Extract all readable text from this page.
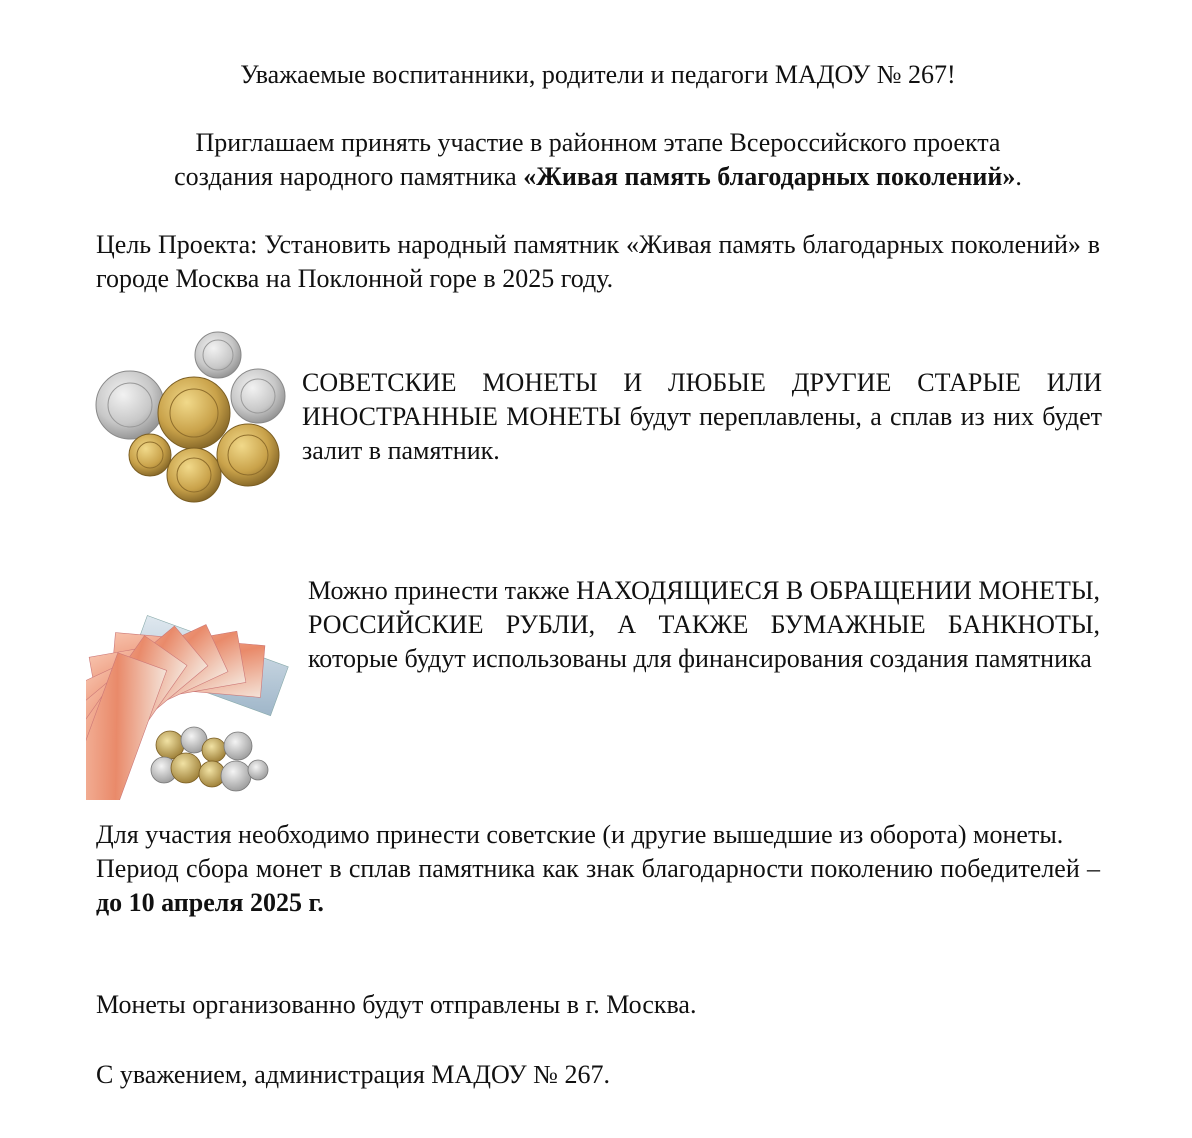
Уважаемые воспитанники, родители и педагоги МАДОУ № 267!

Приглашаем принять участие в районном этапе Всероссийского проекта
создания народного памятника «Живая память благодарных поколений».

Цель Проекта: Установить народный памятник «Живая память благодарных поколений» в городе Москва на Поклонной горе в 2025 году.

СОВЕТСКИЕ МОНЕТЫ И ЛЮБЫЕ ДРУГИЕ СТАРЫЕ ИЛИ ИНОСТРАННЫЕ МОНЕТЫ будут переплавлены, а сплав из них будет залит в памятник.

Можно принести также НАХОДЯЩИЕСЯ В ОБРАЩЕНИИ МОНЕТЫ, РОССИЙСКИЕ РУБЛИ, А ТАКЖЕ БУМАЖНЫЕ БАНКНОТЫ, которые будут использованы для финансирования создания памятника

Для участия необходимо принести советские (и другие вышедшие из оборота) монеты.
Период сбора монет в сплав памятника как знак благодарности поколению победителей – до 10 апреля 2025 г.

Монеты организованно будут отправлены в г. Москва.

С уважением, администрация МАДОУ № 267.
